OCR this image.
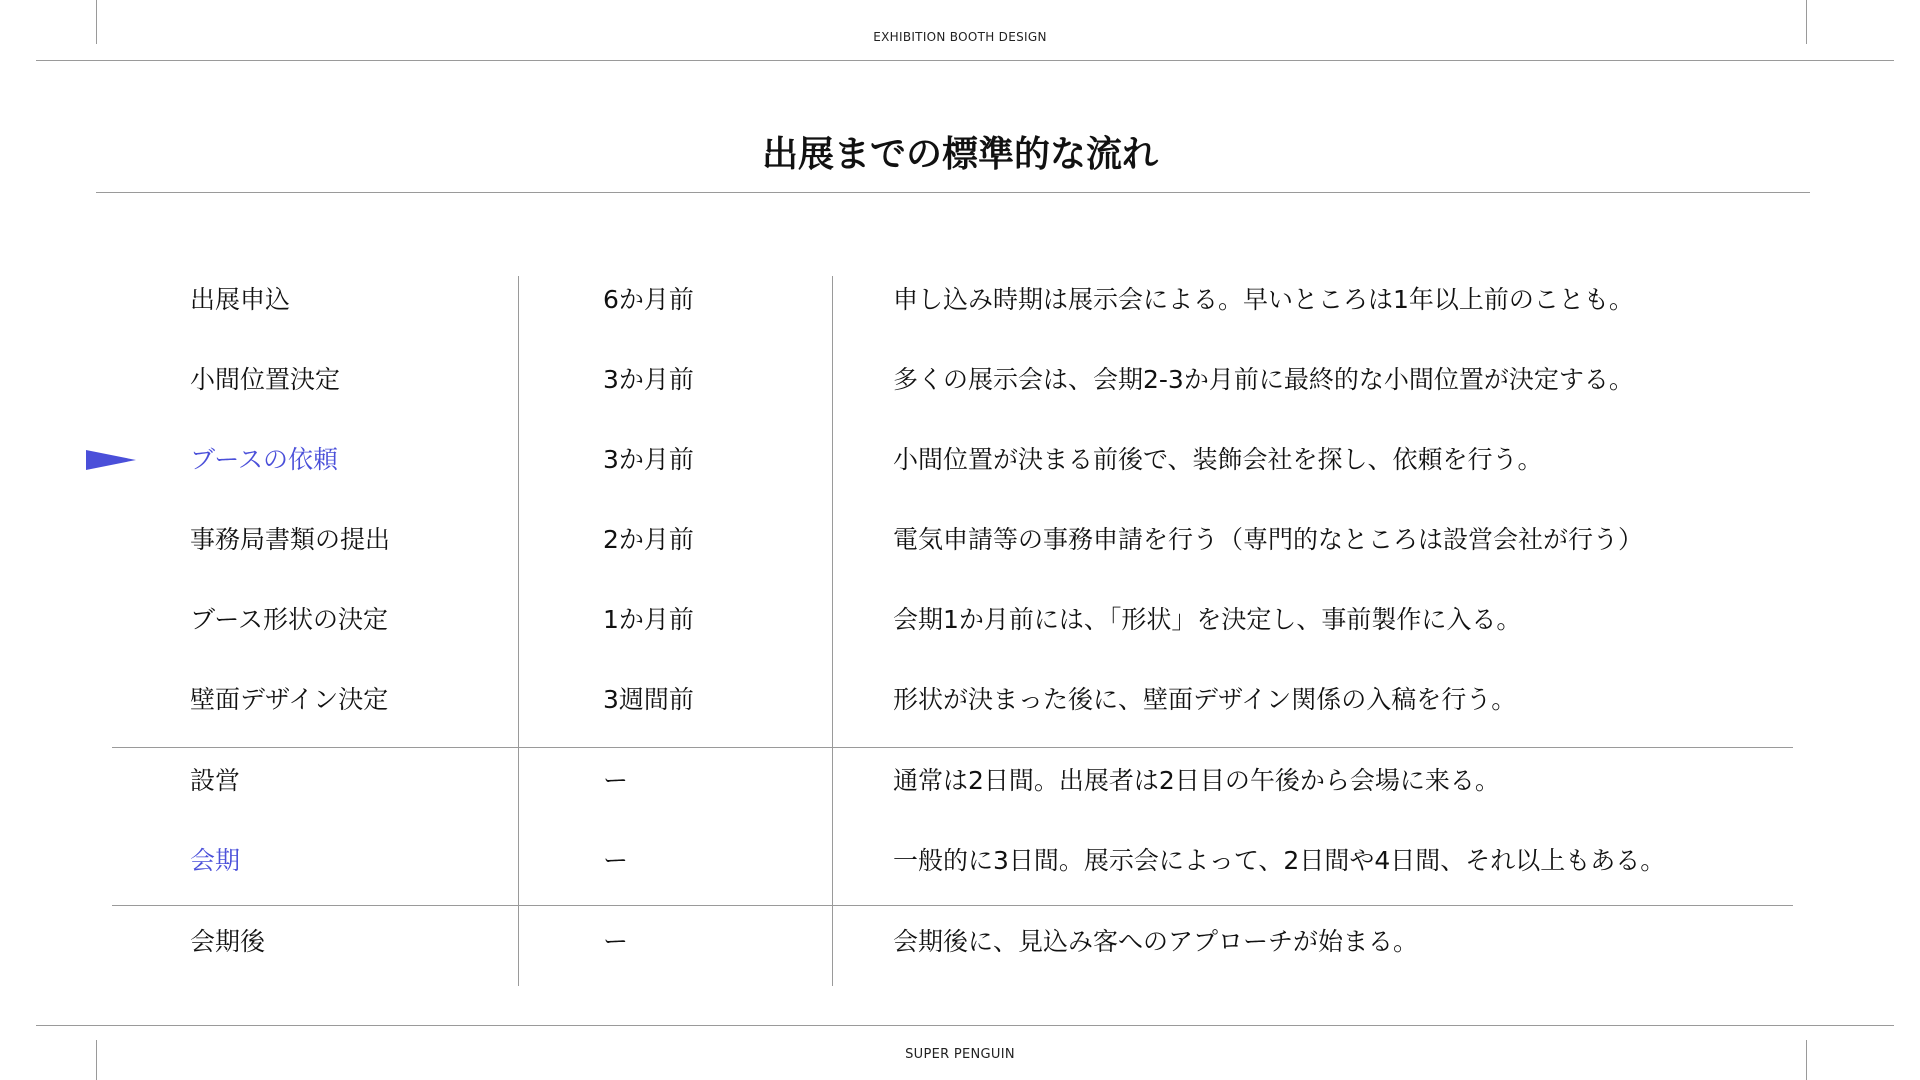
EXHIBITION BOOTH DESIGN
出展までの標準的な流れ
出展申込	6か月前	申し込み時期は展示会による。早いところは1年以上前のことも。
小間位置決定	3か月前	多くの展示会は、会期2-3か月前に最終的な小間位置が決定する。
ブースの依頼	3か月前	小間位置が決まる前後で、装飾会社を探し、依頼を行う。
事務局書類の提出	2か月前	電気申請等の事務申請を行う（専門的なところは設営会社が行う）
ブース形状の決定	1か月前	会期1か月前には、「形状」を決定し、事前製作に入る。
壁面デザイン決定	3週間前	形状が決まった後に、壁面デザイン関係の入稿を行う。
設営	ー	通常は2日間。出展者は2日目の午後から会場に来る。
会期	ー	一般的に3日間。展示会によって、2日間や4日間、それ以上もある。
会期後	ー	会期後に、見込み客へのアプローチが始まる。
SUPER PENGUIN
